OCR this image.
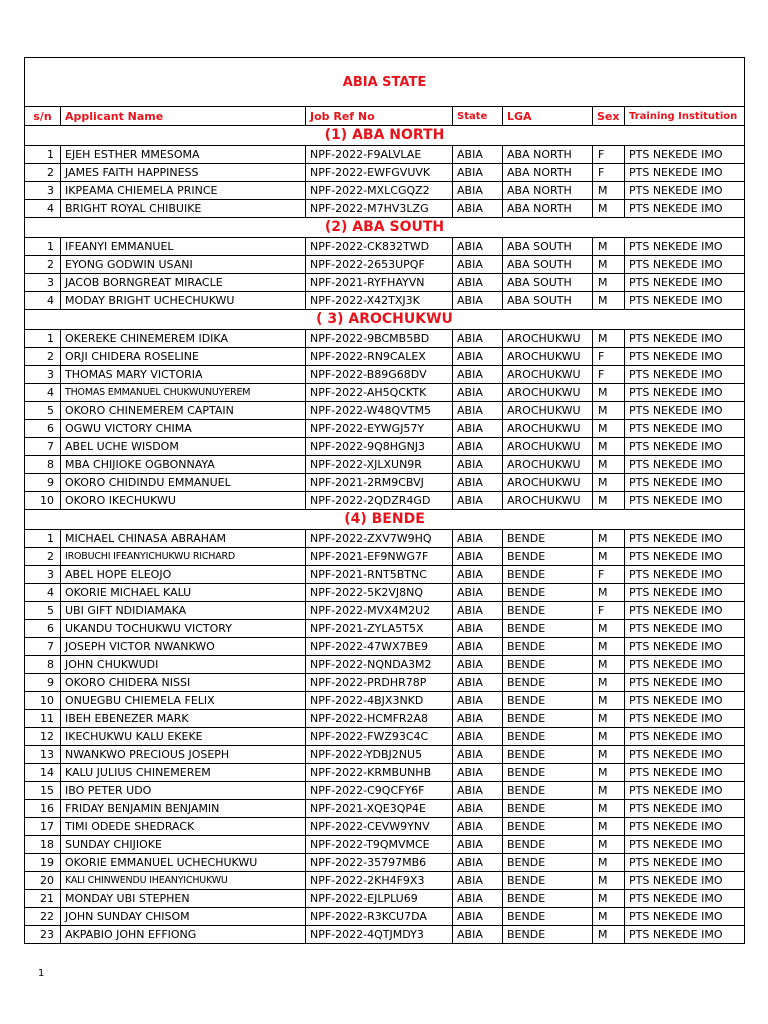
ABIA STATE						
s/n	Applicant Name	Job Ref No	State	LGA	Sex	Training Institution
(1) ABA NORTH						
1	EJEH ESTHER MMESOMA	NPF-2022-F9ALVLAE	ABIA	ABA NORTH	F	PTS NEKEDE IMO
2	JAMES FAITH HAPPINESS	NPF-2022-EWFGVUVK	ABIA	ABA NORTH	F	PTS NEKEDE IMO
3	IKPEAMA CHIEMELA PRINCE	NPF-2022-MXLCGQZ2	ABIA	ABA NORTH	M	PTS NEKEDE IMO
4	BRIGHT ROYAL CHIBUIKE	NPF-2022-M7HV3LZG	ABIA	ABA NORTH	M	PTS NEKEDE IMO
(2) ABA SOUTH						
1	IFEANYI EMMANUEL	NPF-2022-CK832TWD	ABIA	ABA SOUTH	M	PTS NEKEDE IMO
2	EYONG GODWIN USANI	NPF-2022-2653UPQF	ABIA	ABA SOUTH	M	PTS NEKEDE IMO
3	JACOB BORNGREAT MIRACLE	NPF-2021-RYFHAYVN	ABIA	ABA SOUTH	M	PTS NEKEDE IMO
4	MODAY BRIGHT UCHECHUKWU	NPF-2022-X42TXJ3K	ABIA	ABA SOUTH	M	PTS NEKEDE IMO
( 3) AROCHUKWU						
1	OKEREKE CHINEMEREM IDIKA	NPF-2022-9BCMB5BD	ABIA	AROCHUKWU	M	PTS NEKEDE IMO
2	ORJI CHIDERA ROSELINE	NPF-2022-RN9CALEX	ABIA	AROCHUKWU	F	PTS NEKEDE IMO
3	THOMAS MARY VICTORIA	NPF-2022-B89G68DV	ABIA	AROCHUKWU	F	PTS NEKEDE IMO
4	THOMAS EMMANUEL CHUKWUNUYEREM	NPF-2022-AH5QCKTK	ABIA	AROCHUKWU	M	PTS NEKEDE IMO
5	OKORO CHINEMEREM CAPTAIN	NPF-2022-W48QVTM5	ABIA	AROCHUKWU	M	PTS NEKEDE IMO
6	OGWU VICTORY CHIMA	NPF-2022-EYWGJ57Y	ABIA	AROCHUKWU	M	PTS NEKEDE IMO
7	ABEL UCHE WISDOM	NPF-2022-9Q8HGNJ3	ABIA	AROCHUKWU	M	PTS NEKEDE IMO
8	MBA CHIJIOKE OGBONNAYA	NPF-2022-XJLXUN9R	ABIA	AROCHUKWU	M	PTS NEKEDE IMO
9	OKORO CHIDINDU EMMANUEL	NPF-2021-2RM9CBVJ	ABIA	AROCHUKWU	M	PTS NEKEDE IMO
10	OKORO IKECHUKWU	NPF-2022-2QDZR4GD	ABIA	AROCHUKWU	M	PTS NEKEDE IMO
(4) BENDE						
1	MICHAEL CHINASA ABRAHAM	NPF-2022-ZXV7W9HQ	ABIA	BENDE	M	PTS NEKEDE IMO
2	IROBUCHI IFEANYICHUKWU RICHARD	NPF-2021-EF9NWG7F	ABIA	BENDE	M	PTS NEKEDE IMO
3	ABEL HOPE ELEOJO	NPF-2021-RNT5BTNC	ABIA	BENDE	F	PTS NEKEDE IMO
4	OKORIE MICHAEL KALU	NPF-2022-5K2VJ8NQ	ABIA	BENDE	M	PTS NEKEDE IMO
5	UBI GIFT NDIDIAMAKA	NPF-2022-MVX4M2U2	ABIA	BENDE	F	PTS NEKEDE IMO
6	UKANDU TOCHUKWU VICTORY	NPF-2021-ZYLA5T5X	ABIA	BENDE	M	PTS NEKEDE IMO
7	JOSEPH VICTOR NWANKWO	NPF-2022-47WX7BE9	ABIA	BENDE	M	PTS NEKEDE IMO
8	JOHN CHUKWUDI	NPF-2022-NQNDA3M2	ABIA	BENDE	M	PTS NEKEDE IMO
9	OKORO CHIDERA NISSI	NPF-2022-PRDHR78P	ABIA	BENDE	M	PTS NEKEDE IMO
10	ONUEGBU CHIEMELA FELIX	NPF-2022-4BJX3NKD	ABIA	BENDE	M	PTS NEKEDE IMO
11	IBEH EBENEZER MARK	NPF-2022-HCMFR2A8	ABIA	BENDE	M	PTS NEKEDE IMO
12	IKECHUKWU KALU EKEKE	NPF-2022-FWZ93C4C	ABIA	BENDE	M	PTS NEKEDE IMO
13	NWANKWO PRECIOUS JOSEPH	NPF-2022-YDBJ2NU5	ABIA	BENDE	M	PTS NEKEDE IMO
14	KALU JULIUS CHINEMEREM	NPF-2022-KRMBUNHB	ABIA	BENDE	M	PTS NEKEDE IMO
15	IBO PETER UDO	NPF-2022-C9QCFY6F	ABIA	BENDE	M	PTS NEKEDE IMO
16	FRIDAY BENJAMIN BENJAMIN	NPF-2021-XQE3QP4E	ABIA	BENDE	M	PTS NEKEDE IMO
17	TIMI ODEDE SHEDRACK	NPF-2022-CEVW9YNV	ABIA	BENDE	M	PTS NEKEDE IMO
18	SUNDAY CHIJIOKE	NPF-2022-T9QMVMCE	ABIA	BENDE	M	PTS NEKEDE IMO
19	OKORIE EMMANUEL UCHECHUKWU	NPF-2022-35797MB6	ABIA	BENDE	M	PTS NEKEDE IMO
20	KALI CHINWENDU IHEANYICHUKWU	NPF-2022-2KH4F9X3	ABIA	BENDE	M	PTS NEKEDE IMO
21	MONDAY UBI STEPHEN	NPF-2022-EJLPLU69	ABIA	BENDE	M	PTS NEKEDE IMO
22	JOHN SUNDAY CHISOM	NPF-2022-R3KCU7DA	ABIA	BENDE	M	PTS NEKEDE IMO
23	AKPABIO JOHN EFFIONG	NPF-2022-4QTJMDY3	ABIA	BENDE	M	PTS NEKEDE IMO
1
